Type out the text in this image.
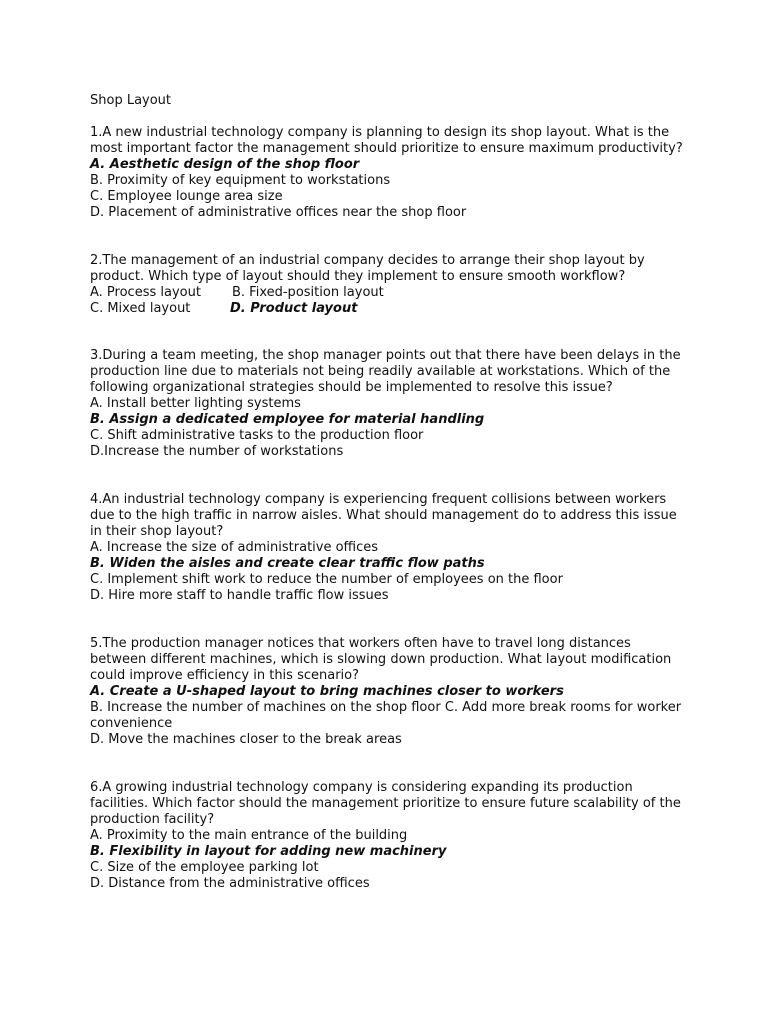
Shop Layout

1.A new industrial technology company is planning to design its shop layout. What is the most important factor the management should prioritize to ensure maximum productivity?

A. Aesthetic design of the shop floor

B. Proximity of key equipment to workstations

C. Employee lounge area size

D. Placement of administrative offices near the shop floor

2.The management of an industrial company decides to arrange their shop layout by product. Which type of layout should they implement to ensure smooth workflow?

A. Process layout	B. Fixed-position layout
C. Mixed layout	D. Product layout

3.During a team meeting, the shop manager points out that there have been delays in the production line due to materials not being readily available at workstations. Which of the following organizational strategies should be implemented to resolve this issue?

A. Install better lighting systems

B. Assign a dedicated employee for material handling

C. Shift administrative tasks to the production floor

D.Increase the number of workstations

4.An industrial technology company is experiencing frequent collisions between workers due to the high traffic in narrow aisles. What should management do to address this issue in their shop layout?

A. Increase the size of administrative offices

B. Widen the aisles and create clear traffic flow paths

C. Implement shift work to reduce the number of employees on the floor

D. Hire more staff to handle traffic flow issues

5.The production manager notices that workers often have to travel long distances between different machines, which is slowing down production. What layout modification could improve efficiency in this scenario?

A. Create a U-shaped layout to bring machines closer to workers

B. Increase the number of machines on the shop floor C. Add more break rooms for worker convenience

D. Move the machines closer to the break areas

6.A growing industrial technology company is considering expanding its production facilities. Which factor should the management prioritize to ensure future scalability of the production facility?

A. Proximity to the main entrance of the building

B. Flexibility in layout for adding new machinery

C. Size of the employee parking lot

D. Distance from the administrative offices
